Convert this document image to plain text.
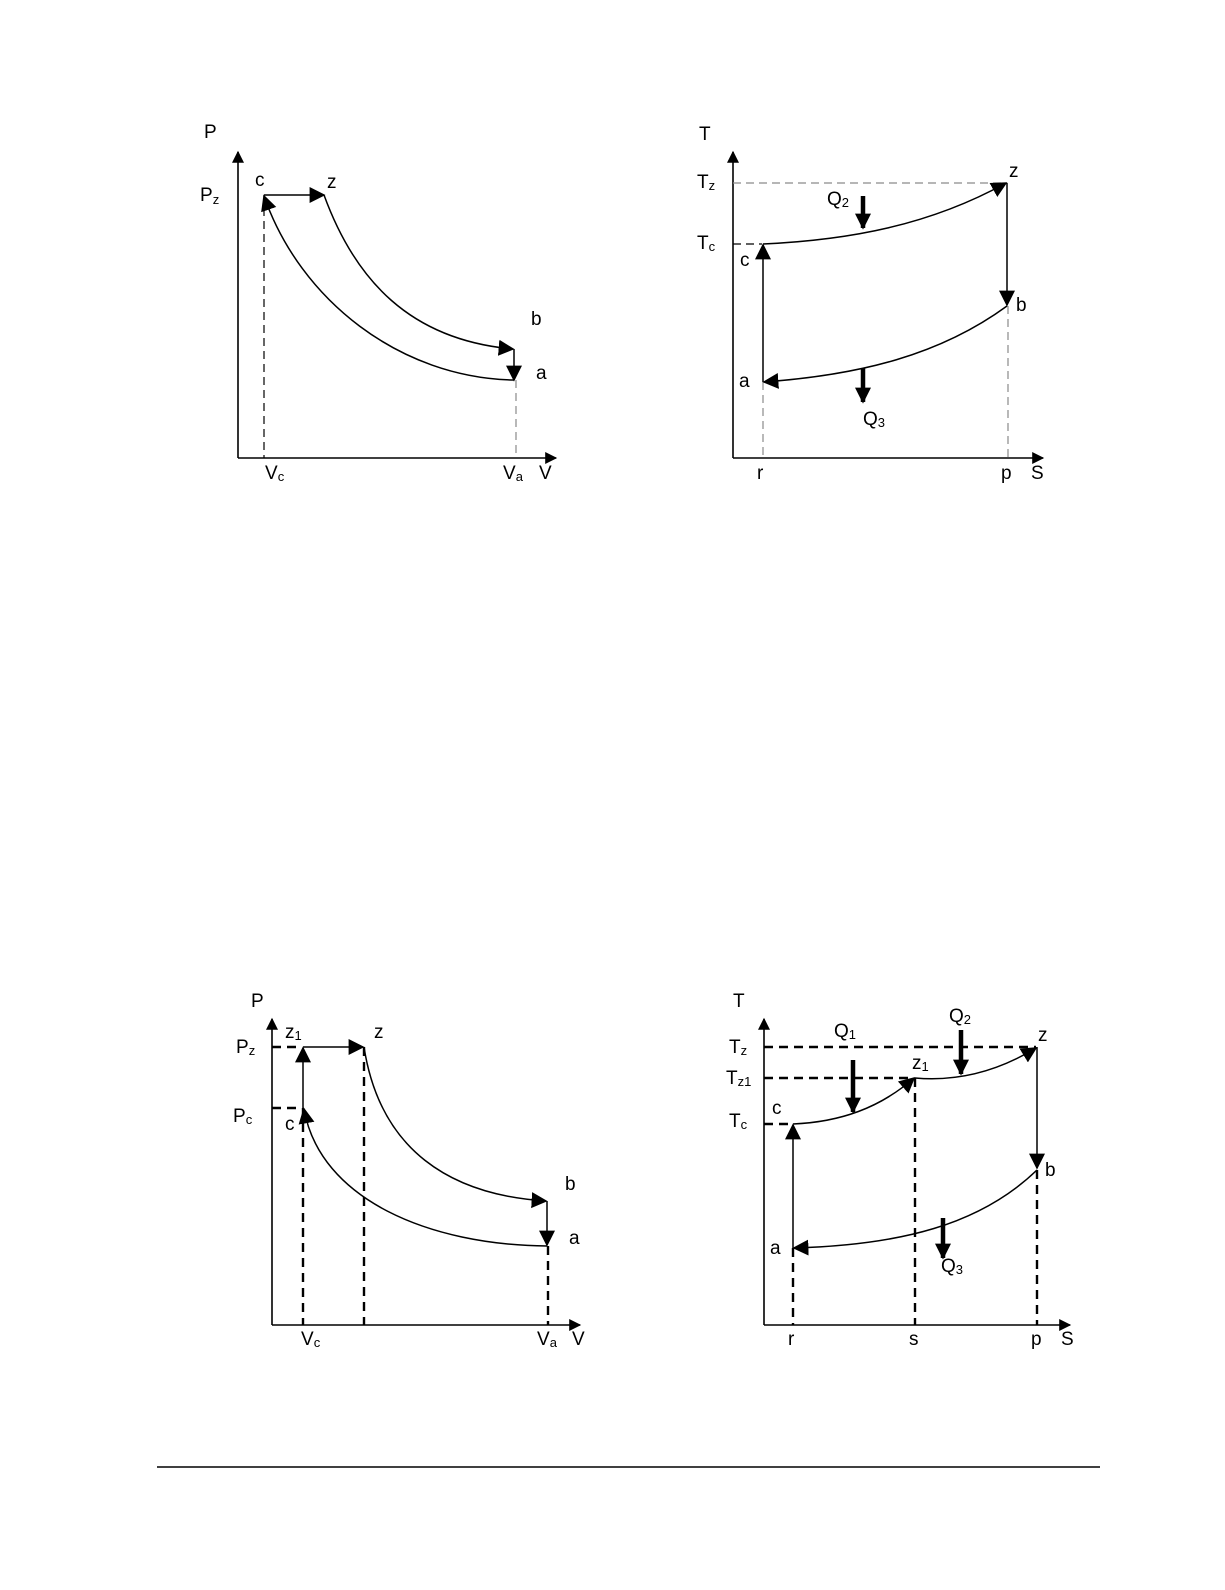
P
Pz
c	z
b
a
Vc	Va V
T
Tz
Tc
z
c
b
a
Q2
Q3
r	p S
P
Pz
Pc
z1	z
c
b
a
Vc	Va V
T
Tz
Tz1
Tc
Q1
Q2
Q3
c
z1
z
b
a
r	s	p S
